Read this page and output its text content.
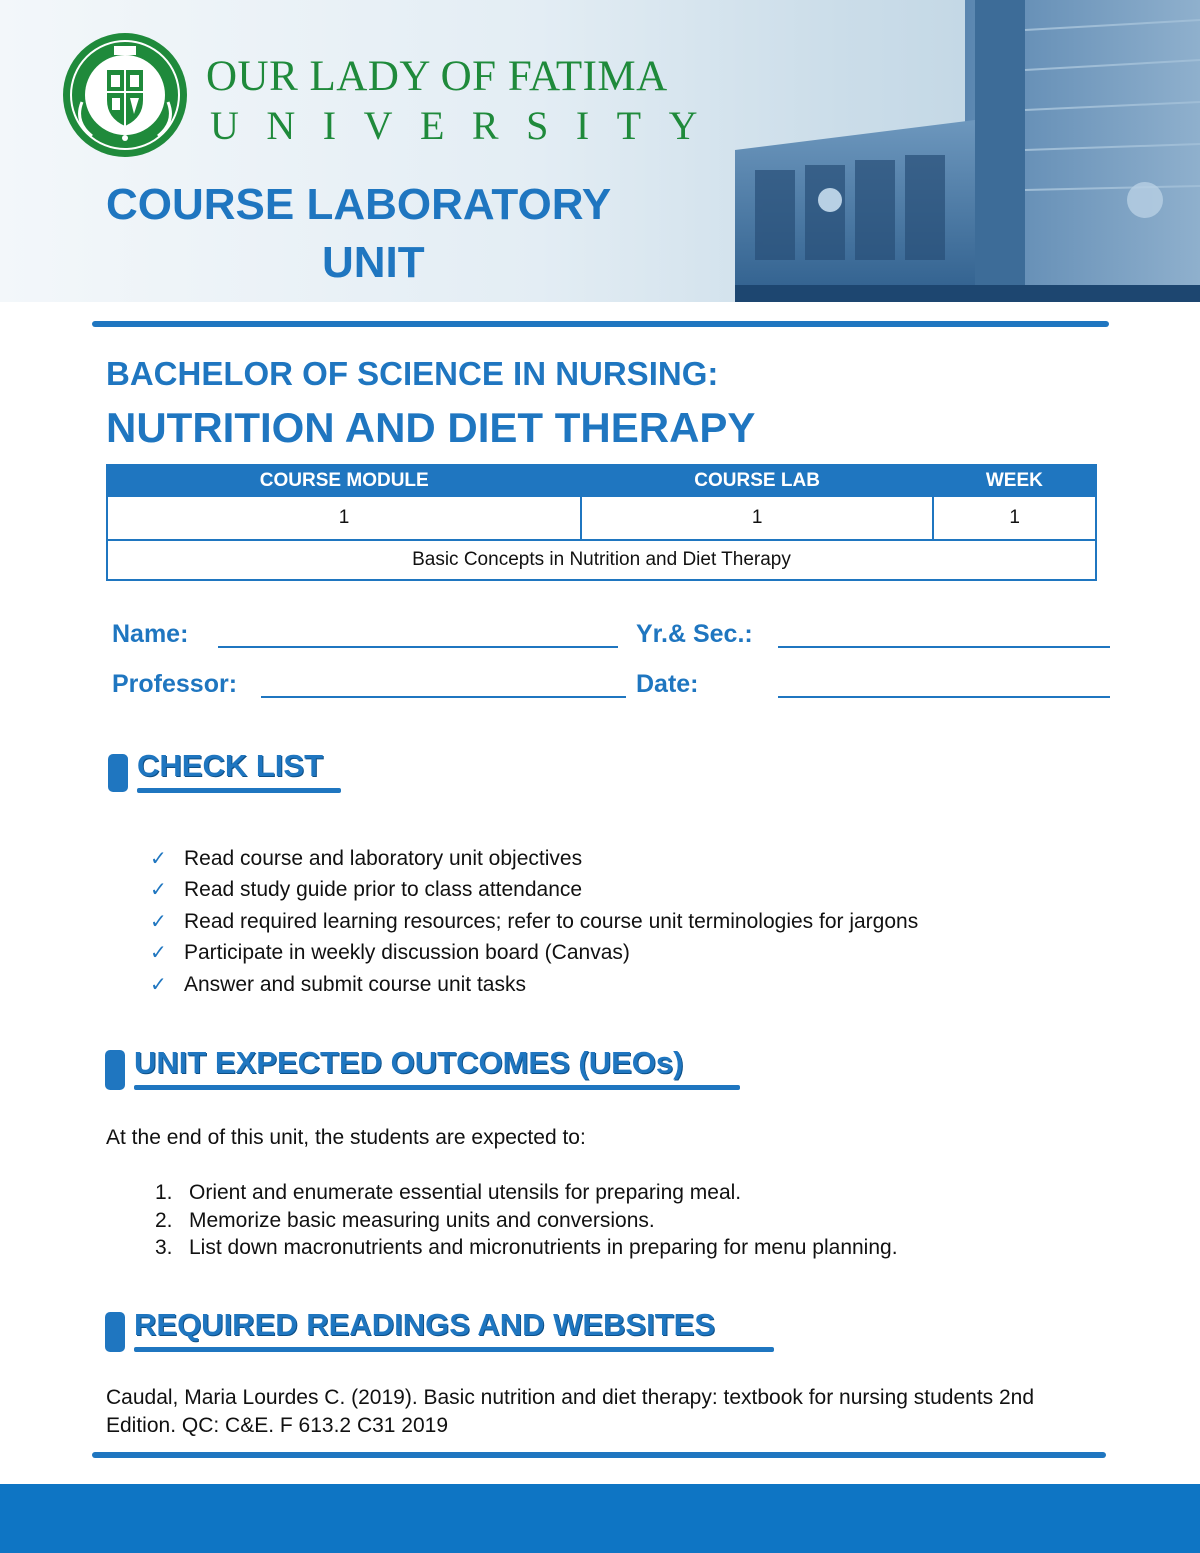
OUR LADY OF FATIMA
UNIVERSITY
COURSE LABORATORY
UNIT
BACHELOR OF SCIENCE IN NURSING:
NUTRITION AND DIET THERAPY
COURSE MODULE	COURSE LAB	WEEK
1	1	1
Basic Concepts in Nutrition and Diet Therapy		
Name:	Yr.& Sec.:
Professor:	Date:
CHECK LIST
✓ Read course and laboratory unit objectives
✓ Read study guide prior to class attendance
✓ Read required learning resources; refer to course unit terminologies for jargons
✓ Participate in weekly discussion board (Canvas)
✓ Answer and submit course unit tasks
UNIT EXPECTED OUTCOMES (UEOs)
At the end of this unit, the students are expected to:
1. Orient and enumerate essential utensils for preparing meal.
2. Memorize basic measuring units and conversions.
3. List down macronutrients and micronutrients in preparing for menu planning.
REQUIRED READINGS AND WEBSITES
Caudal, Maria Lourdes C. (2019). Basic nutrition and diet therapy: textbook for nursing students 2nd Edition. QC: C&E. F 613.2 C31 2019
